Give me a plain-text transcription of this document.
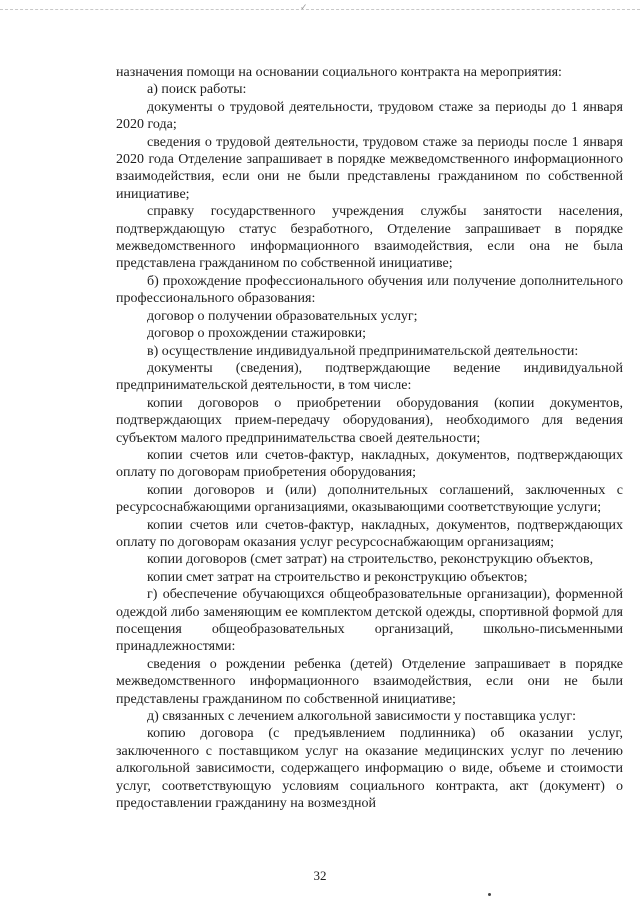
✓

назначения помощи на основании социального контракта на мероприятия:

а) поиск работы:

документы о трудовой деятельности, трудовом стаже за периоды до 1 января 2020 года;

сведения о трудовой деятельности, трудовом стаже за периоды после 1 января 2020 года Отделение запрашивает в порядке межведомственного информационного взаимодействия, если они не были представлены гражданином по собственной инициативе;

справку государственного учреждения службы занятости населения, подтверждающую статус безработного, Отделение запрашивает в порядке межведомственного информационного взаимодействия, если она не была представлена гражданином по собственной инициативе;

б) прохождение профессионального обучения или получение дополнительного профессионального образования:

договор о получении образовательных услуг;

договор о прохождении стажировки;

в) осуществление индивидуальной предпринимательской деятельности:

документы (сведения), подтверждающие ведение индивидуальной предпринимательской деятельности, в том числе:

копии договоров о приобретении оборудования (копии документов, подтверждающих прием-передачу оборудования), необходимого для ведения субъектом малого предпринимательства своей деятельности;

копии счетов или счетов-фактур, накладных, документов, подтверждающих оплату по договорам приобретения оборудования;

копии договоров и (или) дополнительных соглашений, заключенных с ресурсоснабжающими организациями, оказывающими соответствующие услуги;

копии счетов или счетов-фактур, накладных, документов, подтверждающих оплату по договорам оказания услуг ресурсоснабжающим организациям;

копии договоров (смет затрат) на строительство, реконструкцию объектов,

копии смет затрат на строительство и реконструкцию объектов;

г) обеспечение обучающихся общеобразовательные организации), форменной одеждой либо заменяющим ее комплектом детской одежды, спортивной формой для посещения общеобразовательных организаций, школьно-письменными принадлежностями:

сведения о рождении ребенка (детей) Отделение запрашивает в порядке межведомственного информационного взаимодействия, если они не были представлены гражданином по собственной инициативе;

д) связанных с лечением алкогольной зависимости у поставщика услуг:

копию договора (с предъявлением подлинника) об оказании услуг, заключенного с поставщиком услуг на оказание медицинских услуг по лечению алкогольной зависимости, содержащего информацию о виде, объеме и стоимости услуг, соответствующую условиям социального контракта, акт (документ) о предоставлении гражданину на возмездной

32
